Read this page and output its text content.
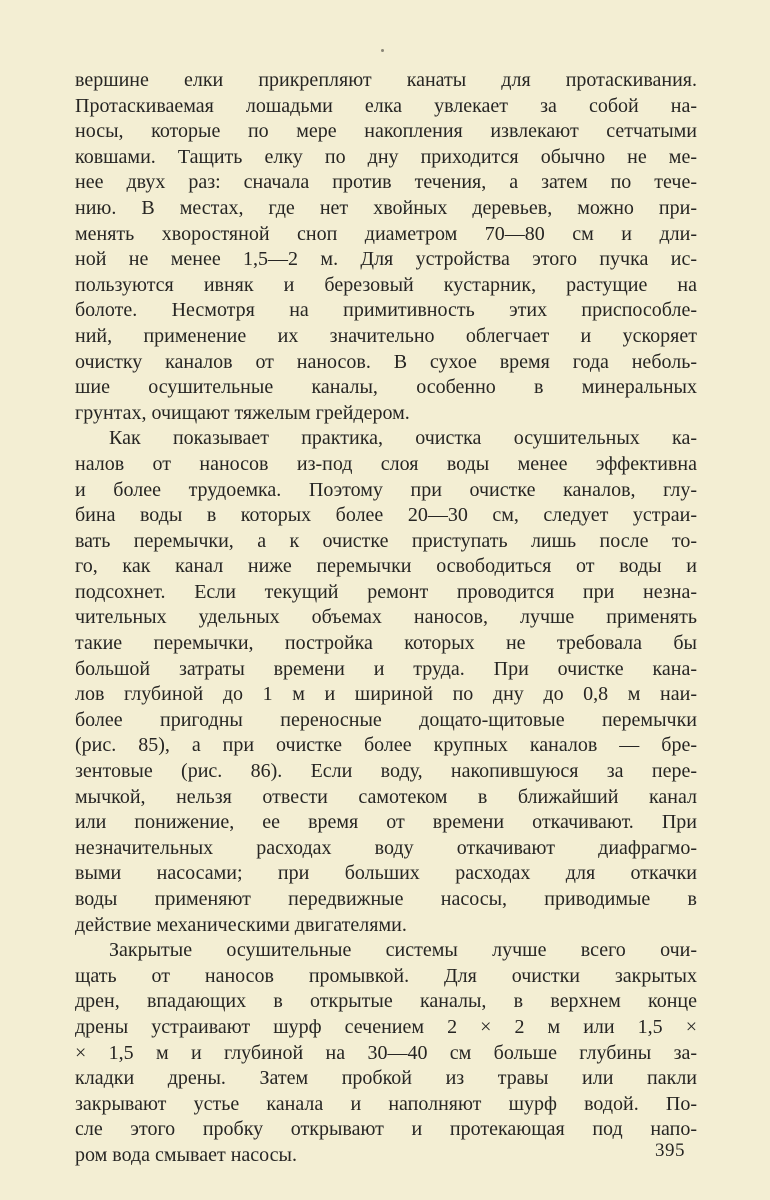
вершине елки прикрепляют канаты для протаскивания.
Протаскиваемая лошадьми елка увлекает за собой на-
носы, которые по мере накопления извлекают сетчатыми
ковшами. Тащить елку по дну приходится обычно не ме-
нее двух раз: сначала против течения, а затем по тече-
нию. В местах, где нет хвойных деревьев, можно при-
менять хворостяной сноп диаметром 70—80 см и дли-
ной не менее 1,5—2 м. Для устройства этого пучка ис-
пользуются ивняк и березовый кустарник, растущие на
болоте. Несмотря на примитивность этих приспособле-
ний, применение их значительно облегчает и ускоряет
очистку каналов от наносов. В сухое время года неболь-
шие осушительные каналы, особенно в минеральных
грунтах, очищают тяжелым грейдером.
Как показывает практика, очистка осушительных ка-
налов от наносов из-под слоя воды менее эффективна
и более трудоемка. Поэтому при очистке каналов, глу-
бина воды в которых более 20—30 см, следует устраи-
вать перемычки, а к очистке приступать лишь после то-
го, как канал ниже перемычки освободиться от воды и
подсохнет. Если текущий ремонт проводится при незна-
чительных удельных объемах наносов, лучше применять
такие перемычки, постройка которых не требовала бы
большой затраты времени и труда. При очистке кана-
лов глубиной до 1 м и шириной по дну до 0,8 м наи-
более пригодны переносные дощато-щитовые перемычки
(рис. 85), а при очистке более крупных каналов — бре-
зентовые (рис. 86). Если воду, накопившуюся за пере-
мычкой, нельзя отвести самотеком в ближайший канал
или понижение, ее время от времени откачивают. При
незначительных расходах воду откачивают диафрагмо-
выми насосами; при больших расходах для откачки
воды применяют передвижные насосы, приводимые в
действие механическими двигателями.
Закрытые осушительные системы лучше всего очи-
щать от наносов промывкой. Для очистки закрытых
дрен, впадающих в открытые каналы, в верхнем конце
дрены устраивают шурф сечением 2 × 2 м или 1,5 ×
× 1,5 м и глубиной на 30—40 см больше глубины за-
кладки дрены. Затем пробкой из травы или пакли
закрывают устье канала и наполняют шурф водой. По-
сле этого пробку открывают и протекающая под напо-
ром вода смывает насосы.	395
